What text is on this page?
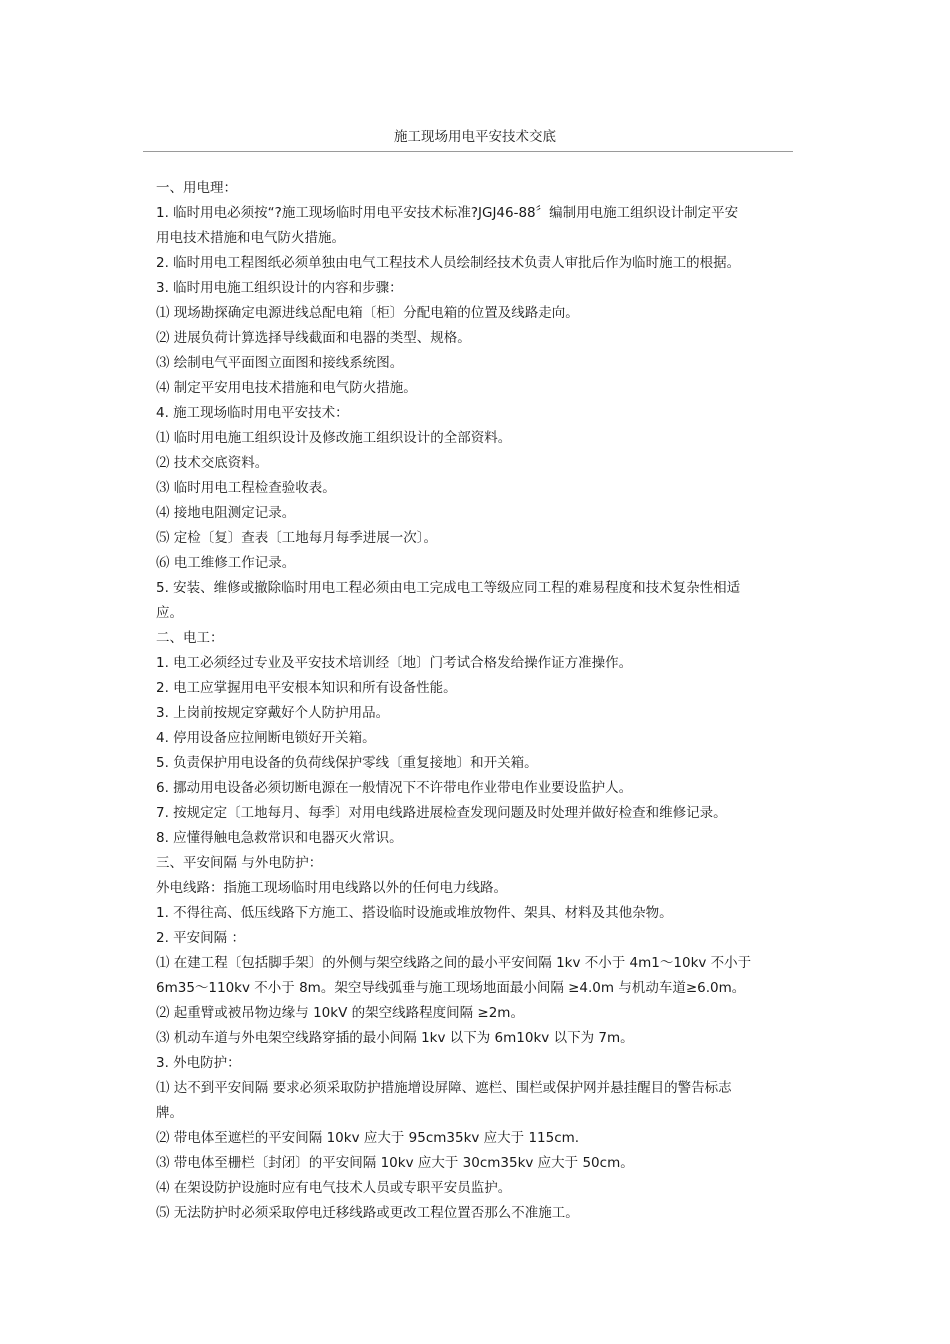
施工现场用电平安技术交底
一、用电理：
1. 临时用电必须按“?施工现场临时用电平安技术标准?JGJ46-88〞编制用电施工组织设计制定平安
用电技术措施和电气防火措施。
2. 临时用电工程图纸必须单独由电气工程技术人员绘制经技术负责人审批后作为临时施工的根据。
3. 临时用电施工组织设计的内容和步骤：
⑴ 现场勘探确定电源进线总配电箱〔柜〕分配电箱的位置及线路走向。
⑵ 进展负荷计算选择导线截面和电器的类型、规格。
⑶ 绘制电气平面图立面图和接线系统图。
⑷ 制定平安用电技术措施和电气防火措施。
4. 施工现场临时用电平安技术：
⑴ 临时用电施工组织设计及修改施工组织设计的全部资料。
⑵ 技术交底资料。
⑶ 临时用电工程检查验收表。
⑷ 接地电阻测定记录。
⑸ 定检〔复〕查表〔工地每月每季进展一次〕。
⑹ 电工维修工作记录。
5. 安装、维修或撤除临时用电工程必须由电工完成电工等级应同工程的难易程度和技术复杂性相适
应。
二、电工：
1. 电工必须经过专业及平安技术培训经〔地〕门考试合格发给操作证方准操作。
2. 电工应掌握用电平安根本知识和所有设备性能。
3. 上岗前按规定穿戴好个人防护用品。
4. 停用设备应拉闸断电锁好开关箱。
5. 负责保护用电设备的负荷线保护零线〔重复接地〕和开关箱。
6. 挪动用电设备必须切断电源在一般情况下不许带电作业带电作业要设监护人。
7. 按规定定〔工地每月、每季〕对用电线路进展检查发现问题及时处理并做好检查和维修记录。
8. 应懂得触电急救常识和电器灭火常识。
三、平安间隔 与外电防护：
外电线路：指施工现场临时用电线路以外的任何电力线路。
1. 不得往高、低压线路下方施工、搭设临时设施或堆放物件、架具、材料及其他杂物。
2. 平安间隔 ：
⑴ 在建工程〔包括脚手架〕的外侧与架空线路之间的最小平安间隔 1kv 不小于 4m1～10kv 不小于
6m35～110kv 不小于 8m。架空导线弧垂与施工现场地面最小间隔 ≥4.0m 与机动车道≥6.0m。
⑵ 起重臂或被吊物边缘与 10kV 的架空线路程度间隔 ≥2m。
⑶ 机动车道与外电架空线路穿插的最小间隔 1kv 以下为 6m10kv 以下为 7m。
3. 外电防护：
⑴ 达不到平安间隔 要求必须采取防护措施增设屏障、遮栏、围栏或保护网并悬挂醒目的警告标志
牌。
⑵ 带电体至遮栏的平安间隔 10kv 应大于 95cm35kv 应大于 115cm.
⑶ 带电体至栅栏〔封闭〕的平安间隔 10kv 应大于 30cm35kv 应大于 50cm。
⑷ 在架设防护设施时应有电气技术人员或专职平安员监护。
⑸ 无法防护时必须采取停电迁移线路或更改工程位置否那么不准施工。
